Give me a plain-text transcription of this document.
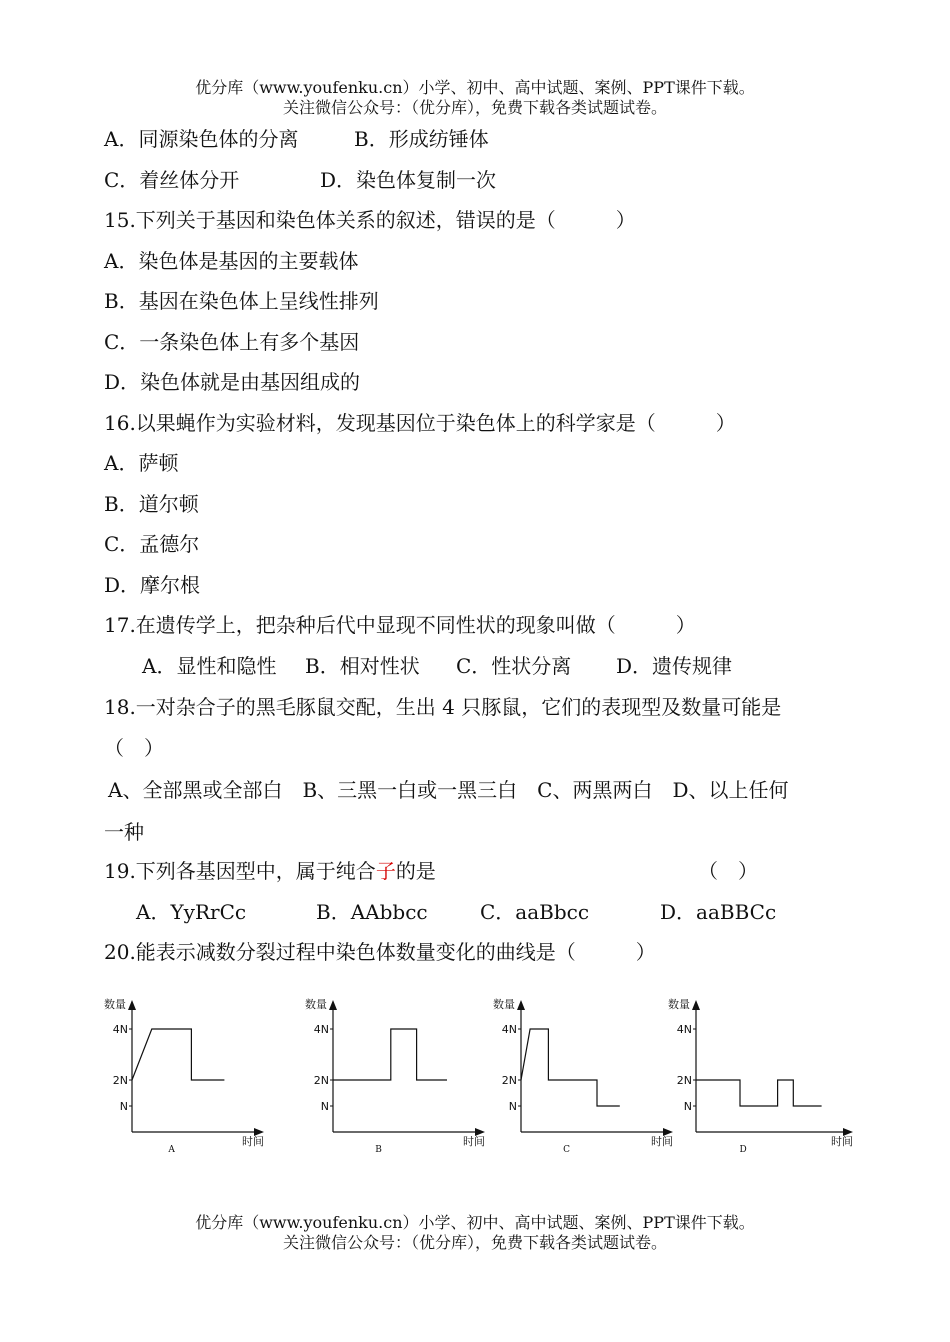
优分库（www.youfenku.cn）小学、初中、高中试题、案例、PPT课件下载。
关注微信公众号：（优分库），免费下载各类试题试卷。
A．同源染色体的分离	B．形成纺锤体
C．着丝体分开	D．染色体复制一次
15.下列关于基因和染色体关系的叙述，错误的是（　　　）
A．染色体是基因的主要载体
B．基因在染色体上呈线性排列
C．一条染色体上有多个基因
D．染色体就是由基因组成的
16.以果蝇作为实验材料，发现基因位于染色体上的科学家是（　　　）
A．萨顿
B．道尔顿
C．孟德尔
D．摩尔根
17.在遗传学上，把杂种后代中显现不同性状的现象叫做（　　　）
A．显性和隐性 B．相对性状 C．性状分离 D．遗传规律
18.一对杂合子的黑毛豚鼠交配，生出 4 只豚鼠，它们的表现型及数量可能是
（　）
A、全部黑或全部白　B、三黑一白或一黑三白　C、两黑两白　D、以上任何
一种
19.下列各基因型中，属于纯合子的是	（　）
A．YyRrCc	B．AAbbcc	C．aaBbcc	D．aaBBCc
20.能表示减数分裂过程中染色体数量变化的曲线是（　　　）
数量
时间
4N
2N
N
A
数量
时间
4N
2N
N
B
数量
时间
4N
2N
N
C
数量
时间
4N
2N
N
D
优分库（www.youfenku.cn）小学、初中、高中试题、案例、PPT课件下载。
关注微信公众号：（优分库），免费下载各类试题试卷。
